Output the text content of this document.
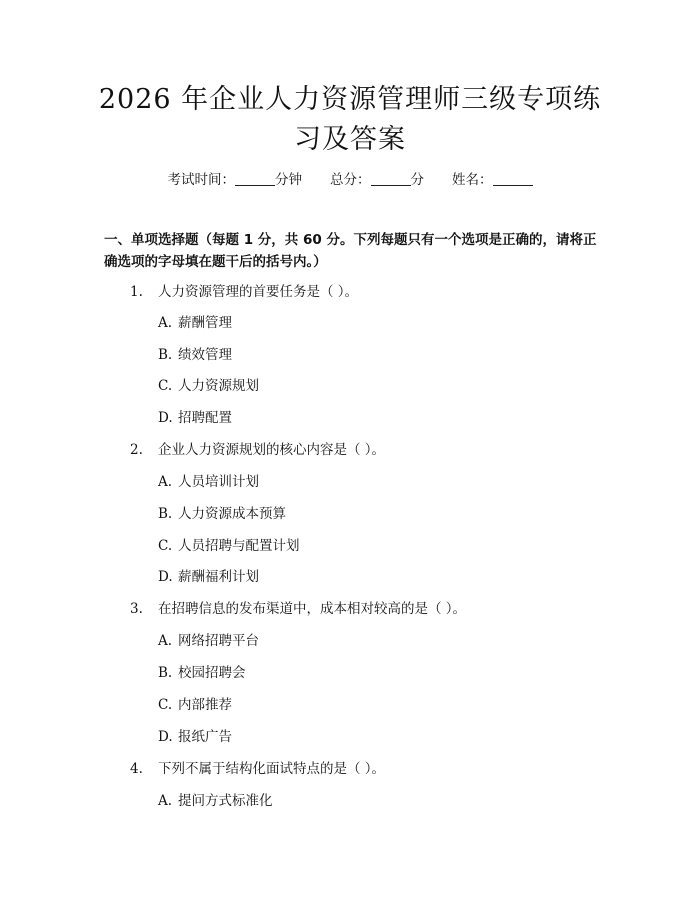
2026 年企业人力资源管理师三级专项练习及答案
考试时间：	分钟 总分：	分 姓名：
一、单项选择题（每题 1 分，共 60 分。下列每题只有一个选项是正确的，请将正确选项的字母填在题干后的括号内。）
1. 人力资源管理的首要任务是（ ）。
A. 薪酬管理
B. 绩效管理
C. 人力资源规划
D. 招聘配置
2. 企业人力资源规划的核心内容是（ ）。
A. 人员培训计划
B. 人力资源成本预算
C. 人员招聘与配置计划
D. 薪酬福利计划
3. 在招聘信息的发布渠道中，成本相对较高的是（ ）。
A. 网络招聘平台
B. 校园招聘会
C. 内部推荐
D. 报纸广告
4. 下列不属于结构化面试特点的是（ ）。
A. 提问方式标准化
